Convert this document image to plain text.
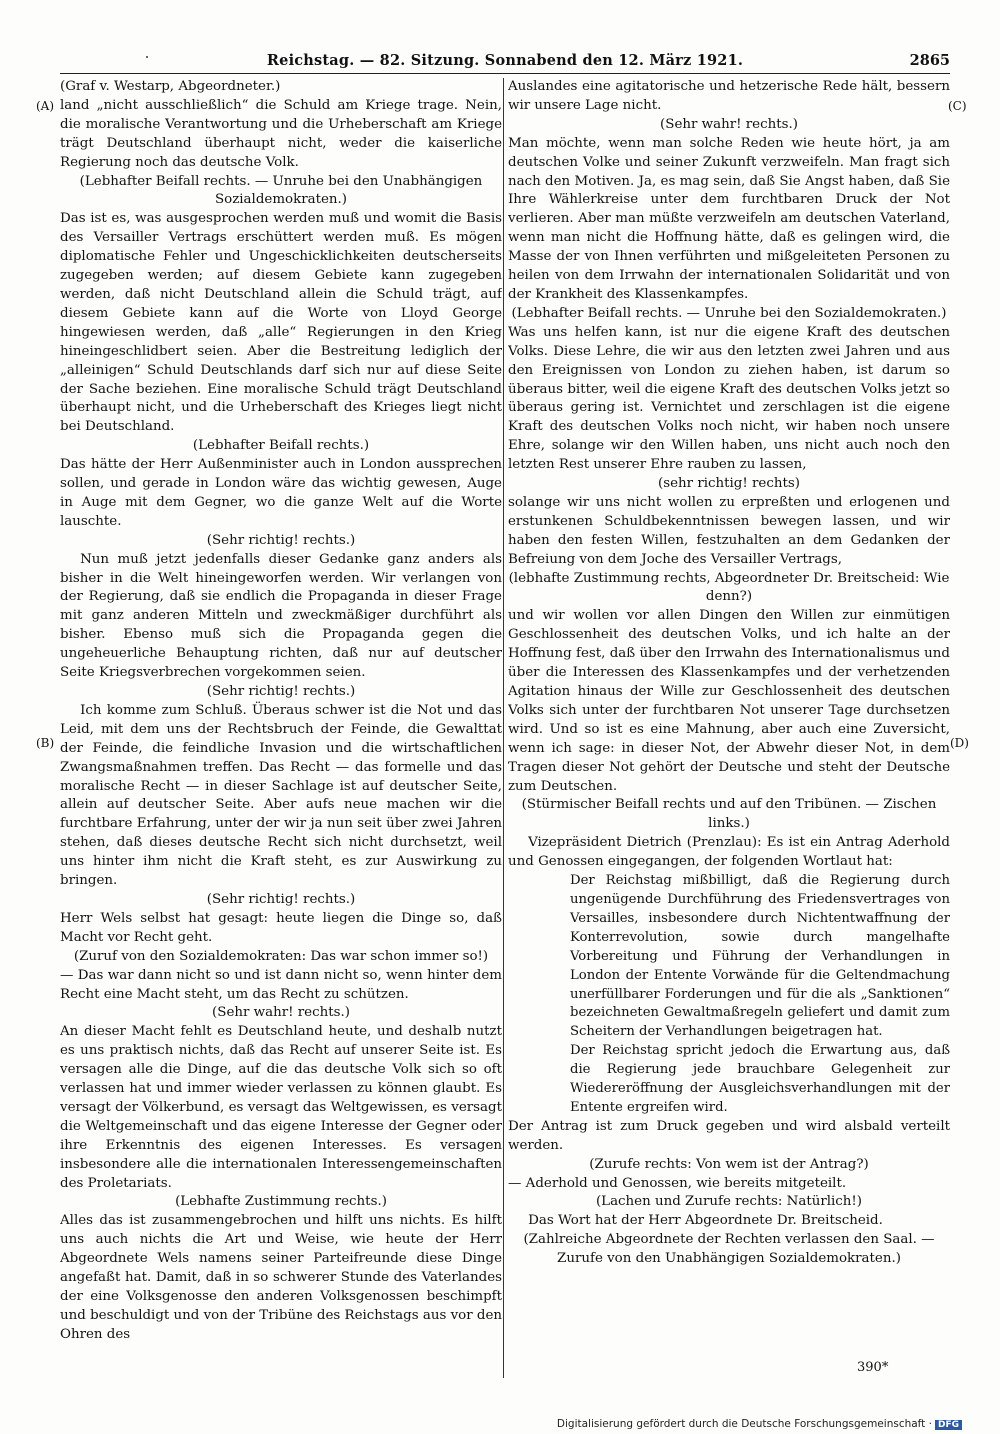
Reichstag. — 82. Sitzung. Sonnabend den 12. März 1921.	2865
(A)
(B)
(C)
(D)

(Graf v. Westarp, Abgeordneter.)

land „nicht ausschließlich“ die Schuld am Kriege trage. Nein, die moralische Verantwortung und die Urheberschaft am Kriege trägt Deutschland überhaupt nicht, weder die kaiserliche Regierung noch das deutsche Volk.

(Lebhafter Beifall rechts. — Unruhe bei den Unabhängigen Sozialdemokraten.)

Das ist es, was ausgesprochen werden muß und womit die Basis des Versailler Vertrags erschüttert werden muß. Es mögen diplomatische Fehler und Ungeschicklichkeiten deutscherseits zugegeben werden; auf diesem Gebiete kann zugegeben werden, daß nicht Deutschland allein die Schuld trägt, auf diesem Gebiete kann auf die Worte von Lloyd George hingewiesen werden, daß „alle“ Regierungen in den Krieg hineingeschlidbert seien. Aber die Bestreitung lediglich der „alleinigen“ Schuld Deutschlands darf sich nur auf diese Seite der Sache beziehen. Eine moralische Schuld trägt Deutschland überhaupt nicht, und die Urheberschaft des Krieges liegt nicht bei Deutschland.

(Lebhafter Beifall rechts.)

Das hätte der Herr Außenminister auch in London aussprechen sollen, und gerade in London wäre das wichtig gewesen, Auge in Auge mit dem Gegner, wo die ganze Welt auf die Worte lauschte.

(Sehr richtig! rechts.)

Nun muß jetzt jedenfalls dieser Gedanke ganz anders als bisher in die Welt hineingeworfen werden. Wir verlangen von der Regierung, daß sie endlich die Propaganda in dieser Frage mit ganz anderen Mitteln und zweckmäßiger durchführt als bisher. Ebenso muß sich die Propaganda gegen die ungeheuerliche Behauptung richten, daß nur auf deutscher Seite Kriegsverbrechen vorgekommen seien.

(Sehr richtig! rechts.)

Ich komme zum Schluß. Überaus schwer ist die Not und das Leid, mit dem uns der Rechtsbruch der Feinde, die Gewalttat der Feinde, die feindliche Invasion und die wirtschaftlichen Zwangsmaßnahmen treffen. Das Recht — das formelle und das moralische Recht — in dieser Sachlage ist auf deutscher Seite, allein auf deutscher Seite. Aber aufs neue machen wir die furchtbare Erfahrung, unter der wir ja nun seit über zwei Jahren stehen, daß dieses deutsche Recht sich nicht durchsetzt, weil uns hinter ihm nicht die Kraft steht, es zur Auswirkung zu bringen.

(Sehr richtig! rechts.)

Herr Wels selbst hat gesagt: heute liegen die Dinge so, daß Macht vor Recht geht.

(Zuruf von den Sozialdemokraten: Das war schon immer so!)

— Das war dann nicht so und ist dann nicht so, wenn hinter dem Recht eine Macht steht, um das Recht zu schützen.

(Sehr wahr! rechts.)

An dieser Macht fehlt es Deutschland heute, und deshalb nutzt es uns praktisch nichts, daß das Recht auf unserer Seite ist. Es versagen alle die Dinge, auf die das deutsche Volk sich so oft verlassen hat und immer wieder verlassen zu können glaubt. Es versagt der Völkerbund, es versagt das Weltgewissen, es versagt die Weltgemeinschaft und das eigene Interesse der Gegner oder ihre Erkenntnis des eigenen Interesses. Es versagen insbesondere alle die internationalen Interessengemeinschaften des Proletariats.

(Lebhafte Zustimmung rechts.)

Alles das ist zusammengebrochen und hilft uns nichts. Es hilft uns auch nichts die Art und Weise, wie heute der Herr Abgeordnete Wels namens seiner Parteifreunde diese Dinge angefaßt hat. Damit, daß in so schwerer Stunde des Vaterlandes der eine Volksgenosse den anderen Volksgenossen beschimpft und beschuldigt und von der Tribüne des Reichstags aus vor den Ohren des

Auslandes eine agitatorische und hetzerische Rede hält, bessern wir unsere Lage nicht.

(Sehr wahr! rechts.)

Man möchte, wenn man solche Reden wie heute hört, ja am deutschen Volke und seiner Zukunft verzweifeln. Man fragt sich nach den Motiven. Ja, es mag sein, daß Sie Angst haben, daß Sie Ihre Wählerkreise unter dem furchtbaren Druck der Not verlieren. Aber man müßte verzweifeln am deutschen Vaterland, wenn man nicht die Hoffnung hätte, daß es gelingen wird, die Masse der von Ihnen verführten und mißgeleiteten Personen zu heilen von dem Irrwahn der internationalen Solidarität und von der Krankheit des Klassenkampfes.

(Lebhafter Beifall rechts. — Unruhe bei den Sozialdemokraten.)

Was uns helfen kann, ist nur die eigene Kraft des deutschen Volks. Diese Lehre, die wir aus den letzten zwei Jahren und aus den Ereignissen von London zu ziehen haben, ist darum so überaus bitter, weil die eigene Kraft des deutschen Volks jetzt so überaus gering ist. Vernichtet und zerschlagen ist die eigene Kraft des deutschen Volks noch nicht, wir haben noch unsere Ehre, solange wir den Willen haben, uns nicht auch noch den letzten Rest unserer Ehre rauben zu lassen,

(sehr richtig! rechts)

solange wir uns nicht wollen zu erpreßten und erlogenen und erstunkenen Schuldbekenntnissen bewegen lassen, und wir haben den festen Willen, festzuhalten an dem Gedanken der Befreiung von dem Joche des Versailler Vertrags,

(lebhafte Zustimmung rechts, Abgeordneter Dr. Breitscheid: Wie denn?)

und wir wollen vor allen Dingen den Willen zur einmütigen Geschlossenheit des deutschen Volks, und ich halte an der Hoffnung fest, daß über den Irrwahn des Internationalismus und über die Interessen des Klassenkampfes und der verhetzenden Agitation hinaus der Wille zur Geschlossenheit des deutschen Volks sich unter der furchtbaren Not unserer Tage durchsetzen wird. Und so ist es eine Mahnung, aber auch eine Zuversicht, wenn ich sage: in dieser Not, der Abwehr dieser Not, in dem Tragen dieser Not gehört der Deutsche und steht der Deutsche zum Deutschen.

(Stürmischer Beifall rechts und auf den Tribünen. — Zischen links.)

Vizepräsident Dietrich (Prenzlau): Es ist ein Antrag Aderhold und Genossen eingegangen, der folgenden Wortlaut hat:

Der Reichstag mißbilligt, daß die Regierung durch ungenügende Durchführung des Friedensvertrages von Versailles, insbesondere durch Nichtentwaffnung der Konterrevolution, sowie durch mangelhafte Vorbereitung und Führung der Verhandlungen in London der Entente Vorwände für die Geltendmachung unerfüllbarer Forderungen und für die als „Sanktionen“ bezeichneten Gewaltmaßregeln geliefert und damit zum Scheitern der Verhandlungen beigetragen hat.

Der Reichstag spricht jedoch die Erwartung aus, daß die Regierung jede brauchbare Gelegenheit zur Wiedereröffnung der Ausgleichsverhandlungen mit der Entente ergreifen wird.

Der Antrag ist zum Druck gegeben und wird alsbald verteilt werden.

(Zurufe rechts: Von wem ist der Antrag?)

— Aderhold und Genossen, wie bereits mitgeteilt.

(Lachen und Zurufe rechts: Natürlich!)

Das Wort hat der Herr Abgeordnete Dr. Breitscheid.

(Zahlreiche Abgeordnete der Rechten verlassen den Saal. — Zurufe von den Unabhängigen Sozialdemokraten.)

390*
Digitalisierung gefördert durch die Deutsche Forschungsgemeinschaft · DFG
